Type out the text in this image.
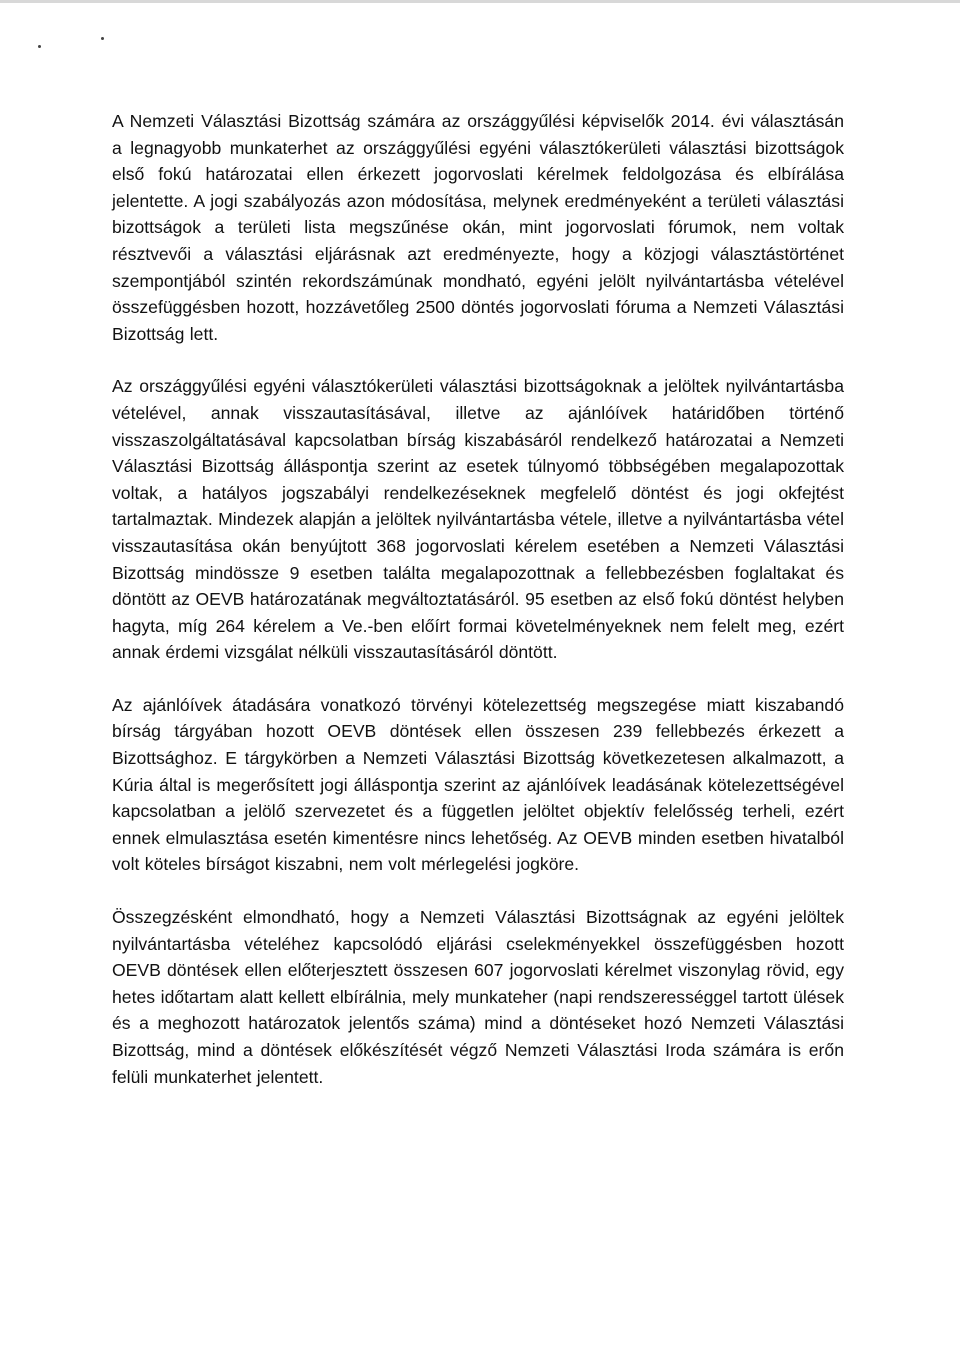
A Nemzeti Választási Bizottság számára az országgyűlési képviselők 2014. évi választásán a legnagyobb munkaterhet az országgyűlési egyéni választókerületi választási bizottságok első fokú határozatai ellen érkezett jogorvoslati kérelmek feldolgozása és elbírálása jelentette. A jogi szabályozás azon módosítása, melynek eredményeként a területi választási bizottságok a területi lista megszűnése okán, mint jogorvoslati fórumok, nem voltak résztvevői a választási eljárásnak azt eredményezte, hogy a közjogi választástörténet szempontjából szintén rekordszámúnak mondható, egyéni jelölt nyilvántartásba vételével összefüggésben hozott, hozzávetőleg 2500 döntés jogorvoslati fóruma a Nemzeti Választási Bizottság lett.

Az országgyűlési egyéni választókerületi választási bizottságoknak a jelöltek nyilvántartásba vételével, annak visszautasításával, illetve az ajánlóívek határidőben történő visszaszolgáltatásával kapcsolatban bírság kiszabásáról rendelkező határozatai a Nemzeti Választási Bizottság álláspontja szerint az esetek túlnyomó többségében megalapozottak voltak, a hatályos jogszabályi rendelkezéseknek megfelelő döntést és jogi okfejtést tartalmaztak. Mindezek alapján a jelöltek nyilvántartásba vétele, illetve a nyilvántartásba vétel visszautasítása okán benyújtott 368 jogorvoslati kérelem esetében a Nemzeti Választási Bizottság mindössze 9 esetben találta megalapozottnak a fellebbezésben foglaltakat és döntött az OEVB határozatának megváltoztatásáról. 95 esetben az első fokú döntést helyben hagyta, míg 264 kérelem a Ve.-ben előírt formai követelményeknek nem felelt meg, ezért annak érdemi vizsgálat nélküli visszautasításáról döntött.

Az ajánlóívek átadására vonatkozó törvényi kötelezettség megszegése miatt kiszabandó bírság tárgyában hozott OEVB döntések ellen összesen 239 fellebbezés érkezett a Bizottsághoz. E tárgykörben a Nemzeti Választási Bizottság következetesen alkalmazott, a Kúria által is megerősített jogi álláspontja szerint az ajánlóívek leadásának kötelezettségével kapcsolatban a jelölő szervezetet és a független jelöltet objektív felelősség terheli, ezért ennek elmulasztása esetén kimentésre nincs lehetőség. Az OEVB minden esetben hivatalból volt köteles bírságot kiszabni, nem volt mérlegelési jogköre.

Összegzésként elmondható, hogy a Nemzeti Választási Bizottságnak az egyéni jelöltek nyilvántartásba vételéhez kapcsolódó eljárási cselekményekkel összefüggésben hozott OEVB döntések ellen előterjesztett összesen 607 jogorvoslati kérelmet viszonylag rövid, egy hetes időtartam alatt kellett elbírálnia, mely munkateher (napi rendszerességgel tartott ülések és a meghozott határozatok jelentős száma) mind a döntéseket hozó Nemzeti Választási Bizottság, mind a döntések előkészítését végző Nemzeti Választási Iroda számára is erőn felüli munkaterhet jelentett.
